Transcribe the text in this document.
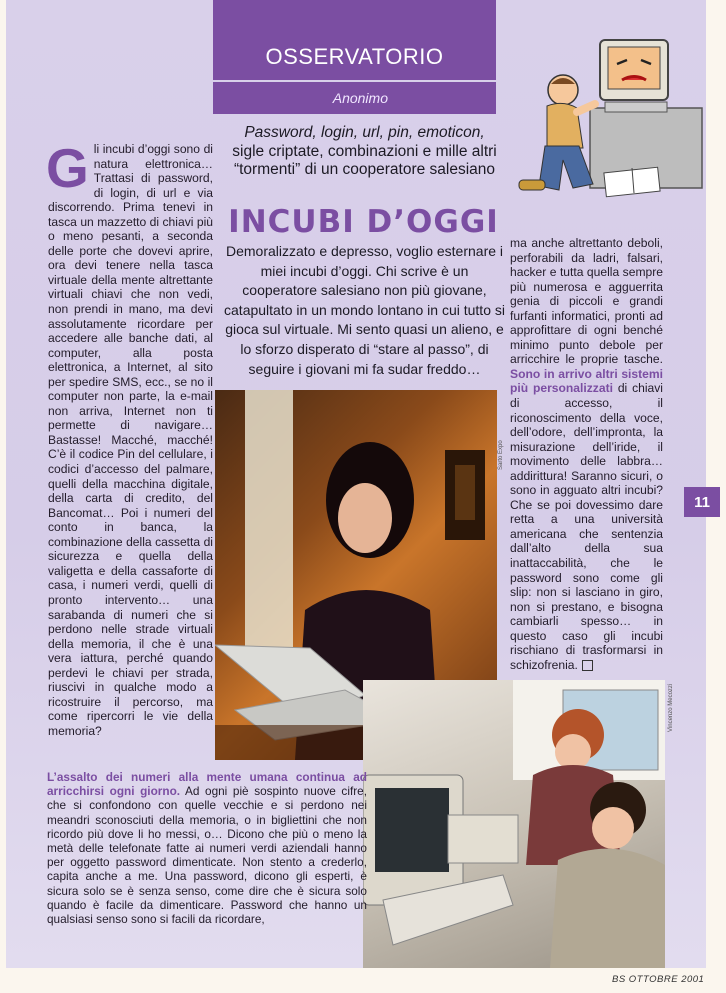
OSSERVATORIO
Anonimo
Password, login, url, pin, emoticon,
sigle criptate, combinazioni e mille altri
“tormenti” di un cooperatore salesiano
INCUBI D’OGGI
Demoralizzato e depresso, voglio esternare i miei incubi d’oggi. Chi scrive è un cooperatore salesiano non più giovane, catapultato in un mondo lontano in cui tutto si gioca sul virtuale. Mi sento quasi un alieno, e lo sforzo disperato di “stare al passo”, di seguire i giovani mi fa sudar freddo…
Gli incubi d’oggi sono di natura elettronica… Trattasi di password, di login, di url e via discorrendo. Prima tenevi in tasca un mazzetto di chiavi più o meno pesanti, a seconda delle porte che dovevi aprire, ora devi tenere nella tasca virtuale della mente altrettante virtuali chiavi che non vedi, non prendi in mano, ma devi assolutamente ricordare per accedere alle banche dati, al computer, alla posta elettronica, a Internet, al sito per spedire SMS, ecc., se no il computer non parte, la e-mail non arriva, Internet non ti permette di navigare… Bastasse! Macché, macché! C’è il codice Pin del cellulare, i codici d’accesso del palmare, quelli della macchina digitale, della carta di credito, del Bancomat… Poi i numeri del conto in banca, la combinazione della cassetta di sicurezza e quella della valigetta e della cassaforte di casa, i numeri verdi, quelli di pronto intervento… una sarabanda di numeri che si perdono nelle strade virtuali della memoria, il che è una vera iattura, perché quando perdevi le chiavi per strada, riuscivi in qualche modo a ricostruire il percorso, ma come ripercorri le vie della memoria?
Sarto Expo
ma anche altrettanto deboli, perforabili da ladri, falsari, hacker e tutta quella sempre più numerosa e agguerrita genia di piccoli e grandi furfanti informatici, pronti ad approfittare di ogni benché minimo punto debole per arricchire le proprie tasche. Sono in arrivo altri sistemi più personalizzati di chiavi di accesso, il riconoscimento della voce, dell’odore, dell’impronta, la misurazione dell’iride, il movimento delle labbra… addirittura! Saranno sicuri, o sono in agguato altri incubi? Che se poi dovessimo dare retta a una università americana che sentenzia dall’alto della sua inattaccabilità, che le password sono come gli slip: non si lasciano in giro, non si prestano, e bisogna cambiarli spesso… in questo caso gli incubi rischiano di trasformarsi in schizofrenia.
11
Vincenzo Mecozzi
L’assalto dei numeri alla mente umana continua ad arricchirsi ogni giorno. Ad ogni piè sospinto nuove cifre, che si confondono con quelle vecchie e si perdono nei meandri sconosciuti della memoria, o in bigliettini che non ricordo più dove li ho messi, o… Dicono che più o meno la metà delle telefonate fatte ai numeri verdi aziendali hanno per oggetto password dimenticate. Non stento a crederlo, capita anche a me. Una password, dicono gli esperti, è sicura solo se è senza senso, come dire che è sicura solo quando è facile da dimenticare. Password che hanno un qualsiasi senso sono si facili da ricordare,
BS OTTOBRE 2001
